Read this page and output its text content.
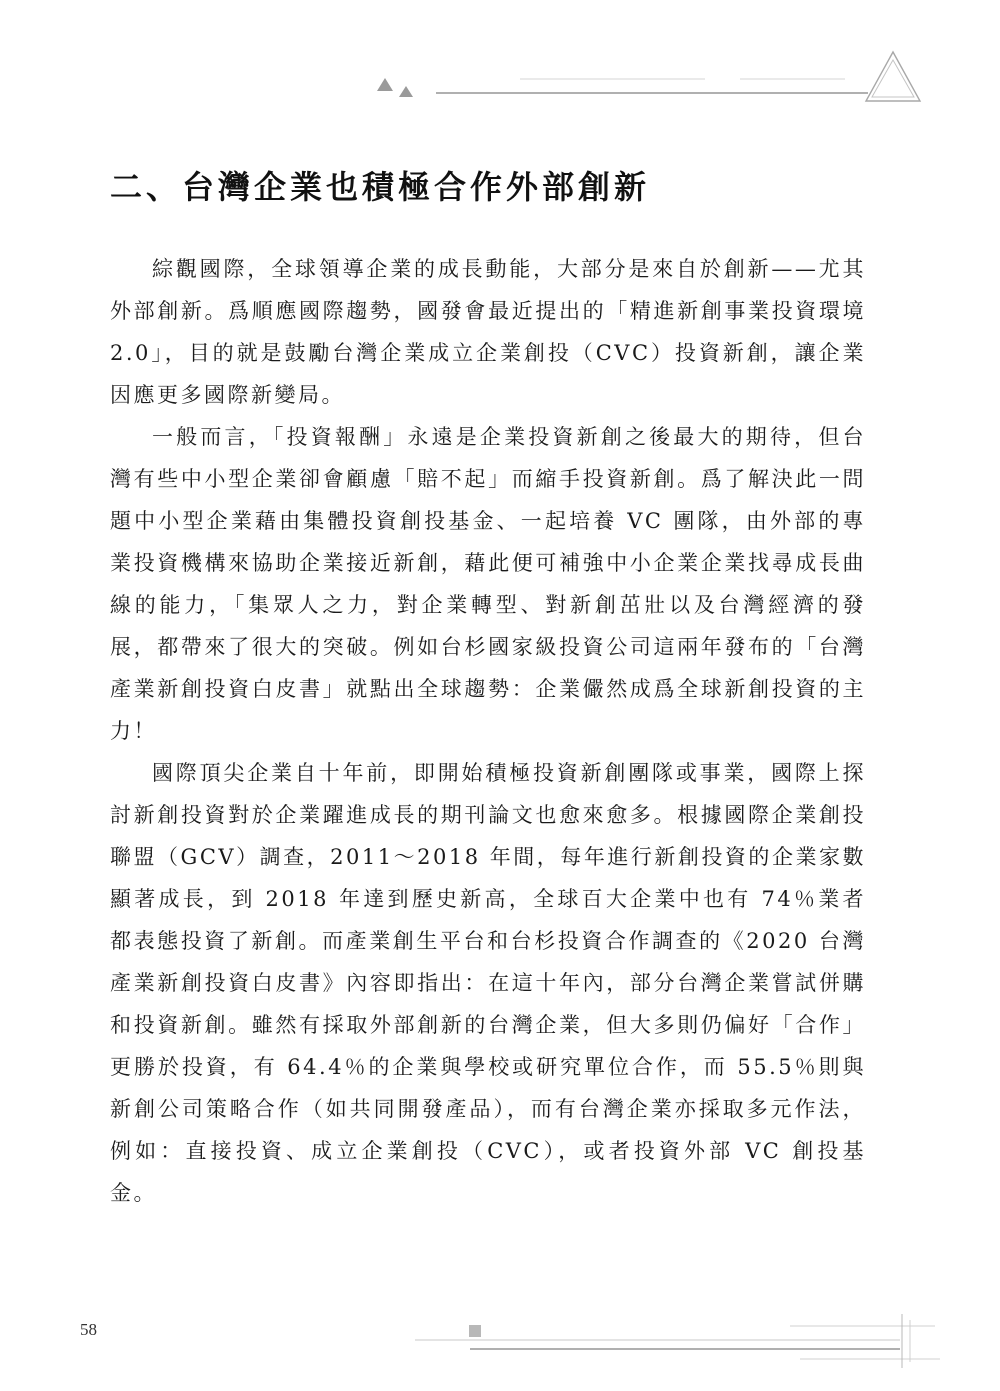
二、台灣企業也積極合作外部創新

綜觀國際，全球領導企業的成長動能，大部分是來自於創新——尤其外部創新。爲順應國際趨勢，國發會最近提出的「精進新創事業投資環境 2.0」，目的就是鼓勵台灣企業成立企業創投（CVC）投資新創，讓企業因應更多國際新變局。

一般而言，「投資報酬」永遠是企業投資新創之後最大的期待，但台灣有些中小型企業卻會顧慮「賠不起」而縮手投資新創。爲了解決此一問題中小型企業藉由集體投資創投基金、一起培養 VC 團隊，由外部的專業投資機構來協助企業接近新創，藉此便可補強中小企業企業找尋成長曲線的能力，「集眾人之力，對企業轉型、對新創茁壯以及台灣經濟的發展，都帶來了很大的突破。例如台杉國家級投資公司這兩年發布的「台灣產業新創投資白皮書」就點出全球趨勢：企業儼然成爲全球新創投資的主力！

國際頂尖企業自十年前，即開始積極投資新創團隊或事業，國際上探討新創投資對於企業躍進成長的期刊論文也愈來愈多。根據國際企業創投聯盟（GCV）調查，2011～2018 年間，每年進行新創投資的企業家數顯著成長，到 2018 年達到歷史新高，全球百大企業中也有 74％業者都表態投資了新創。而產業創生平台和台杉投資合作調查的《2020 台灣產業新創投資白皮書》內容即指出：在這十年內，部分台灣企業嘗試併購和投資新創。雖然有採取外部創新的台灣企業，但大多則仍偏好「合作」更勝於投資，有 64.4％的企業與學校或研究單位合作，而 55.5％則與新創公司策略合作（如共同開發產品），而有台灣企業亦採取多元作法，例如：直接投資、成立企業創投（CVC），或者投資外部 VC 創投基金。

58
